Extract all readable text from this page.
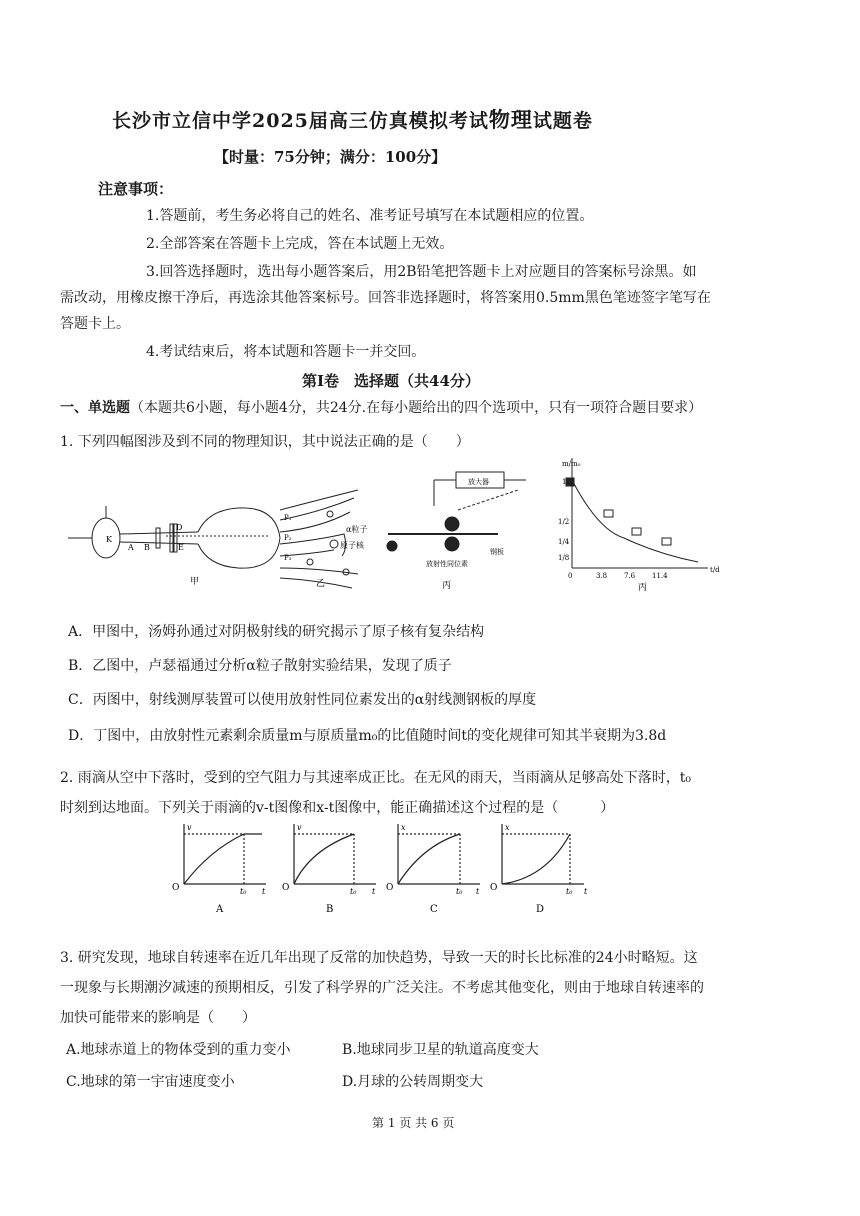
长沙市立信中学2025届高三仿真模拟考试物理试题卷
【时量：75分钟；满分：100分】
注意事项：
1.答题前，考生务必将自己的姓名、准考证号填写在本试题相应的位置。
2.全部答案在答题卡上完成，答在本试题上无效。
3.回答选择题时，选出每小题答案后，用2B铅笔把答题卡上对应题目的答案标号涂黑。如
需改动，用橡皮擦干净后，再选涂其他答案标号。回答非选择题时，将答案用0.5mm黑色笔迹签字笔写在
答题卡上。
4.考试结束后，将本试题和答题卡一并交回。
第Ⅰ卷　选择题（共44分）
一、单选题（本题共6小题，每小题4分，共24分.在每小题给出的四个选项中，只有一项符合题目要求）
1. 下列四幅图涉及到不同的物理知识，其中说法正确的是（　　）
K
A B
D
E
P₁
P₂
P₃
甲
α粒子
原子核
乙
放大器
放射性同位素
钢板
丙
m/m₀
t/d
0
1
1/2
1/4
1/8
3.8 7.6 11.4
丙
A．甲图中，汤姆孙通过对阴极射线的研究揭示了原子核有复杂结构
B．乙图中，卢瑟福通过分析α粒子散射实验结果，发现了质子
C．丙图中，射线测厚装置可以使用放射性同位素发出的α射线测钢板的厚度
D．丁图中，由放射性元素剩余质量m与原质量m₀的比值随时间t的变化规律可知其半衰期为3.8d
2. 雨滴从空中下落时，受到的空气阻力与其速率成正比。在无风的雨天，当雨滴从足够高处下落时，t₀
时刻到达地面。下列关于雨滴的v-t图像和x-t图像中，能正确描述这个过程的是（　　　）
O
v
t₀ t
A
O
v
t₀ t
B
O
x
t₀ t
C
O
x
t₀ t
D
3. 研究发现，地球自转速率在近几年出现了反常的加快趋势，导致一天的时长比标准的24小时略短。这
一现象与长期潮汐减速的预期相反，引发了科学界的广泛关注。不考虑其他变化，则由于地球自转速率的
加快可能带来的影响是（　　）
A.地球赤道上的物体受到的重力变小	B.地球同步卫星的轨道高度变大
C.地球的第一宇宙速度变小	D.月球的公转周期变大
第 1 页 共 6 页
